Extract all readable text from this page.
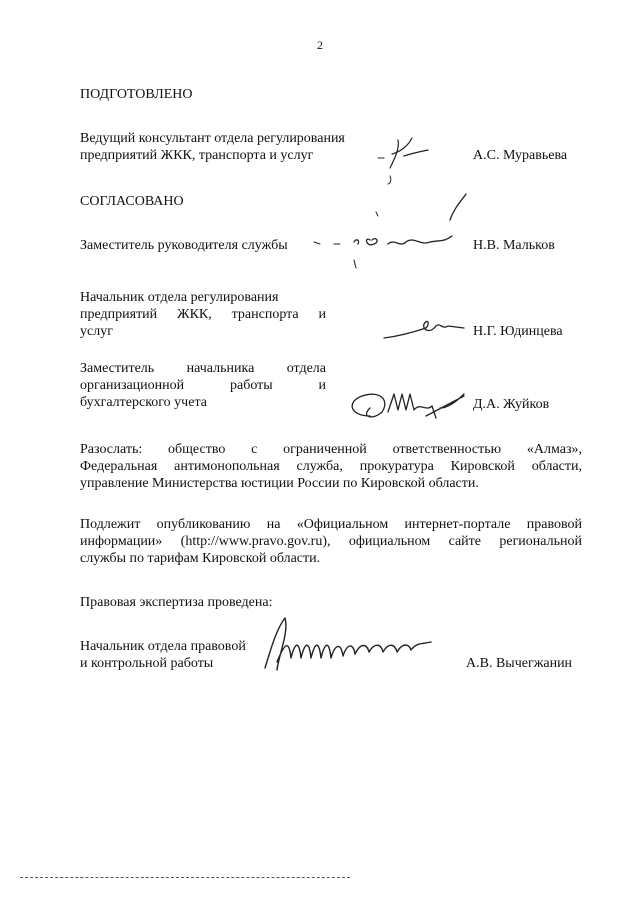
2
ПОДГОТОВЛЕНО
Ведущий консультант отдела регулирования
предприятий ЖКК, транспорта и услуг	А.С. Муравьева
СОГЛАСОВАНО
Заместитель руководителя службы	Н.В. Мальков
Начальник отдела регулирования
предприятий ЖКК, транспорта и
услуг	Н.Г. Юдинцева
Заместитель начальника отдела
организационной работы и
бухгалтерского учета	Д.А. Жуйков
Разослать: общество с ограниченной ответственностью «Алмаз»,
Федеральная антимонопольная служба, прокуратура Кировской области,
управление Министерства юстиции России по Кировской области.
Подлежит опубликованию на «Официальном интернет-портале правовой
информации» (http://www.pravo.gov.ru), официальном сайте региональной
службы по тарифам Кировской области.
Правовая экспертиза проведена:
Начальник отдела правовой
и контрольной работы	А.В. Вычегжанин
